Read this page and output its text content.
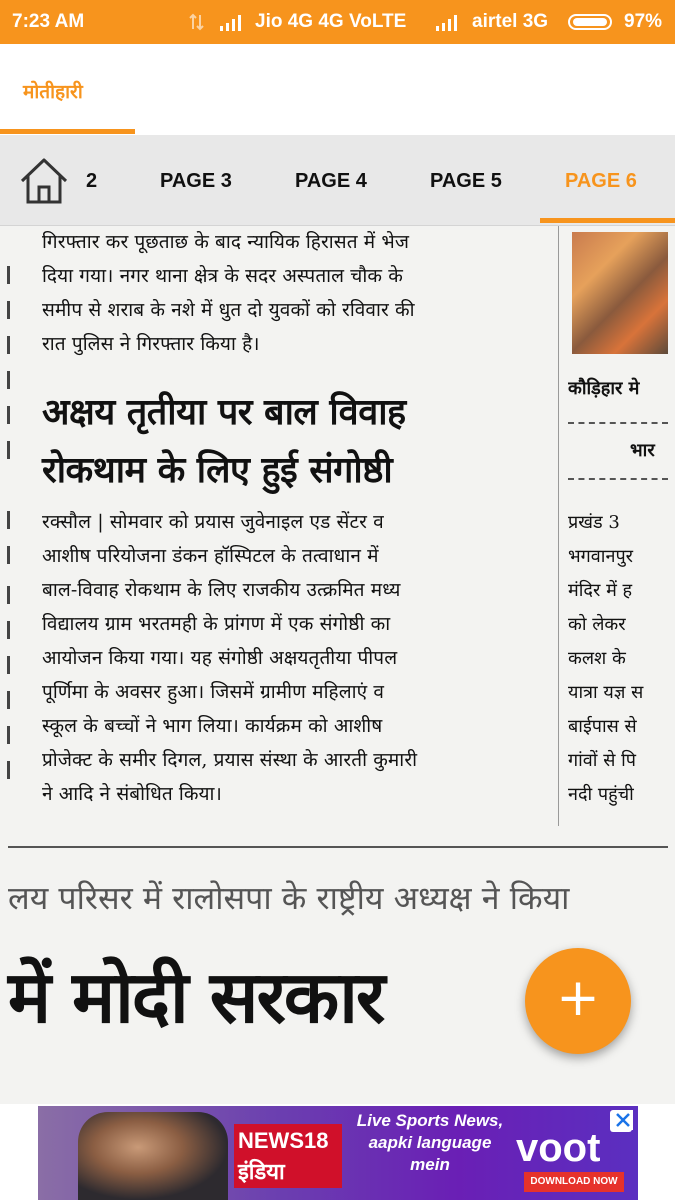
7:23 AM	Jio 4G 4G VoLTE	airtel 3G	97%
मोतीहारी
2	PAGE 3	PAGE 4	PAGE 5	PAGE 6
गिरफ्तार कर पूछताछ के बाद न्यायिक हिरासत में भेज
दिया गया। नगर थाना क्षेत्र के सदर अस्पताल चौक के
समीप से शराब के नशे में धुत दो युवकों को रविवार की
रात पुलिस ने गिरफ्तार किया है।
अक्षय तृतीया पर बाल विवाह
रोकथाम के लिए हुई संगोष्ठी
रक्सौल | सोमवार को प्रयास जुवेनाइल एड सेंटर व
आशीष परियोजना डंकन हॉस्पिटल के तत्वाधान में
बाल-विवाह रोकथाम के लिए राजकीय उत्क्रमित मध्य
विद्यालय ग्राम भरतमही के प्रांगण में एक संगोष्ठी का
आयोजन किया गया। यह संगोष्ठी अक्षयतृतीया पीपल
पूर्णिमा के अवसर हुआ। जिसमें ग्रामीण महिलाएं व
स्कूल के बच्चों ने भाग लिया। कार्यक्रम को आशीष
प्रोजेक्ट के समीर दिगल, प्रयास संस्था के आरती कुमारी
ने आदि ने संबोधित किया।
कौड़िहार मे
भार
प्रखंड 3
भगवानपुर
मंदिर में ह
को लेकर
कलश के
यात्रा यज्ञ स
बाईपास से
गांवों से पि
नदी पहुंची
लय परिसर में रालोसपा के राष्ट्रीय अध्यक्ष ने किया
में मोदी सरकार	+
NEWS18
इंडिया
Live Sports News, aapki language mein	voot
DOWNLOAD NOW
